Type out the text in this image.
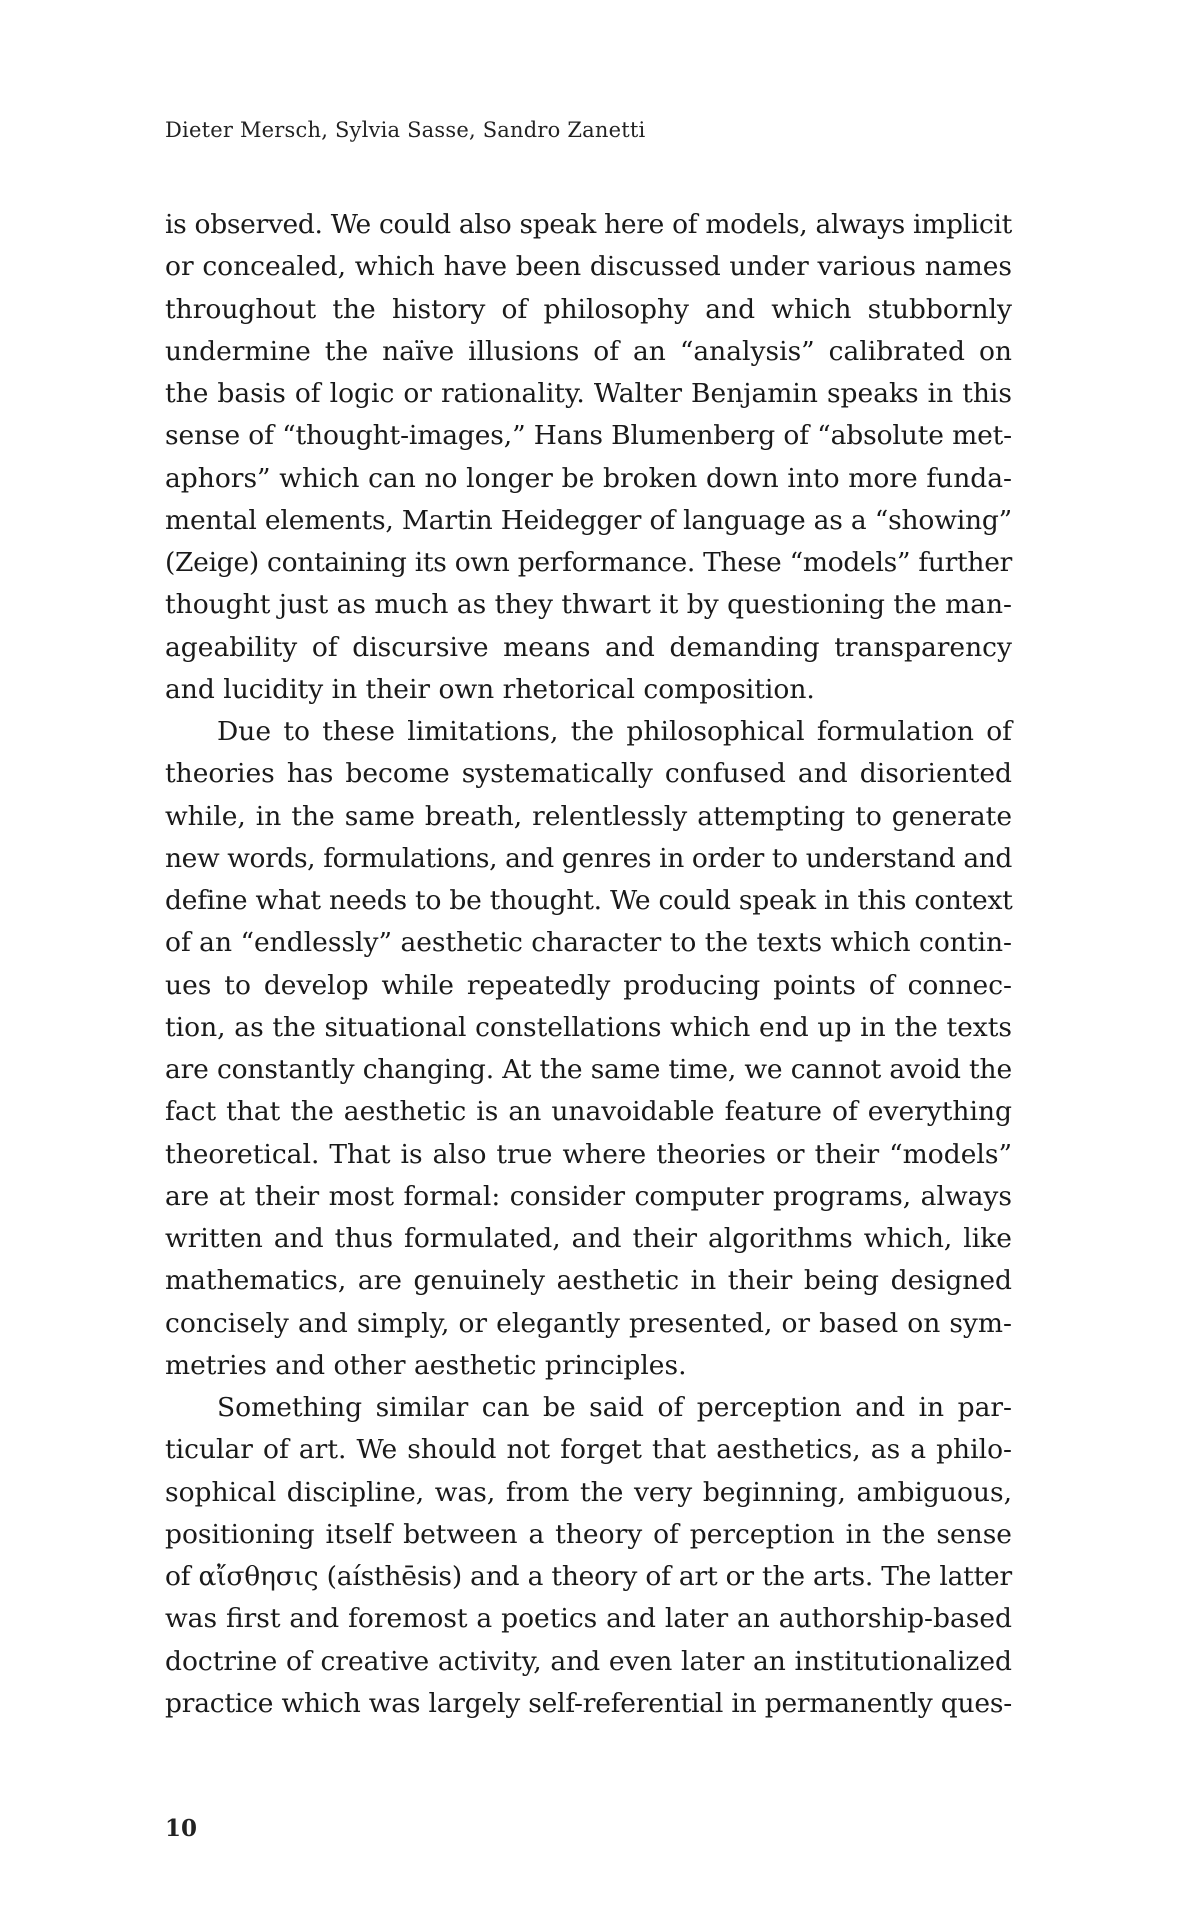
Dieter Mersch, Sylvia Sasse, Sandro Zanetti
is observed. We could also speak here of models, always implicit
or concealed, which have been discussed under various names
throughout the history of philosophy and which stubbornly
undermine the naïve illusions of an “analysis” calibrated on
the basis of logic or rationality. Walter Benjamin speaks in this
sense of “thought-images,” Hans Blumenberg of “absolute met-
aphors” which can no longer be broken down into more funda-
mental elements, Martin Heidegger of language as a “showing”
(Zeige) containing its own performance. These “models” further
thought just as much as they thwart it by questioning the man-
ageability of discursive means and demanding transparency
and lucidity in their own rhetorical composition.
Due to these limitations, the philosophical formulation of
theories has become systematically confused and disoriented
while, in the same breath, relentlessly attempting to generate
new words, formulations, and genres in order to understand and
define what needs to be thought. We could speak in this context
of an “endlessly” aesthetic character to the texts which contin-
ues to develop while repeatedly producing points of connec-
tion, as the situational constellations which end up in the texts
are constantly changing. At the same time, we cannot avoid the
fact that the aesthetic is an unavoidable feature of everything
theoretical. That is also true where theories or their “models”
are at their most formal: consider computer programs, always
written and thus formulated, and their algorithms which, like
mathematics, are genuinely aesthetic in their being designed
concisely and simply, or elegantly presented, or based on sym-
metries and other aesthetic principles.
Something similar can be said of perception and in par-
ticular of art. We should not forget that aesthetics, as a philo-
sophical discipline, was, from the very beginning, ambiguous,
positioning itself between a theory of perception in the sense
of αἴσθησις (aísthēsis) and a theory of art or the arts. The latter
was first and foremost a poetics and later an authorship-based
doctrine of creative activity, and even later an institutionalized
practice which was largely self-referential in permanently ques-
10
